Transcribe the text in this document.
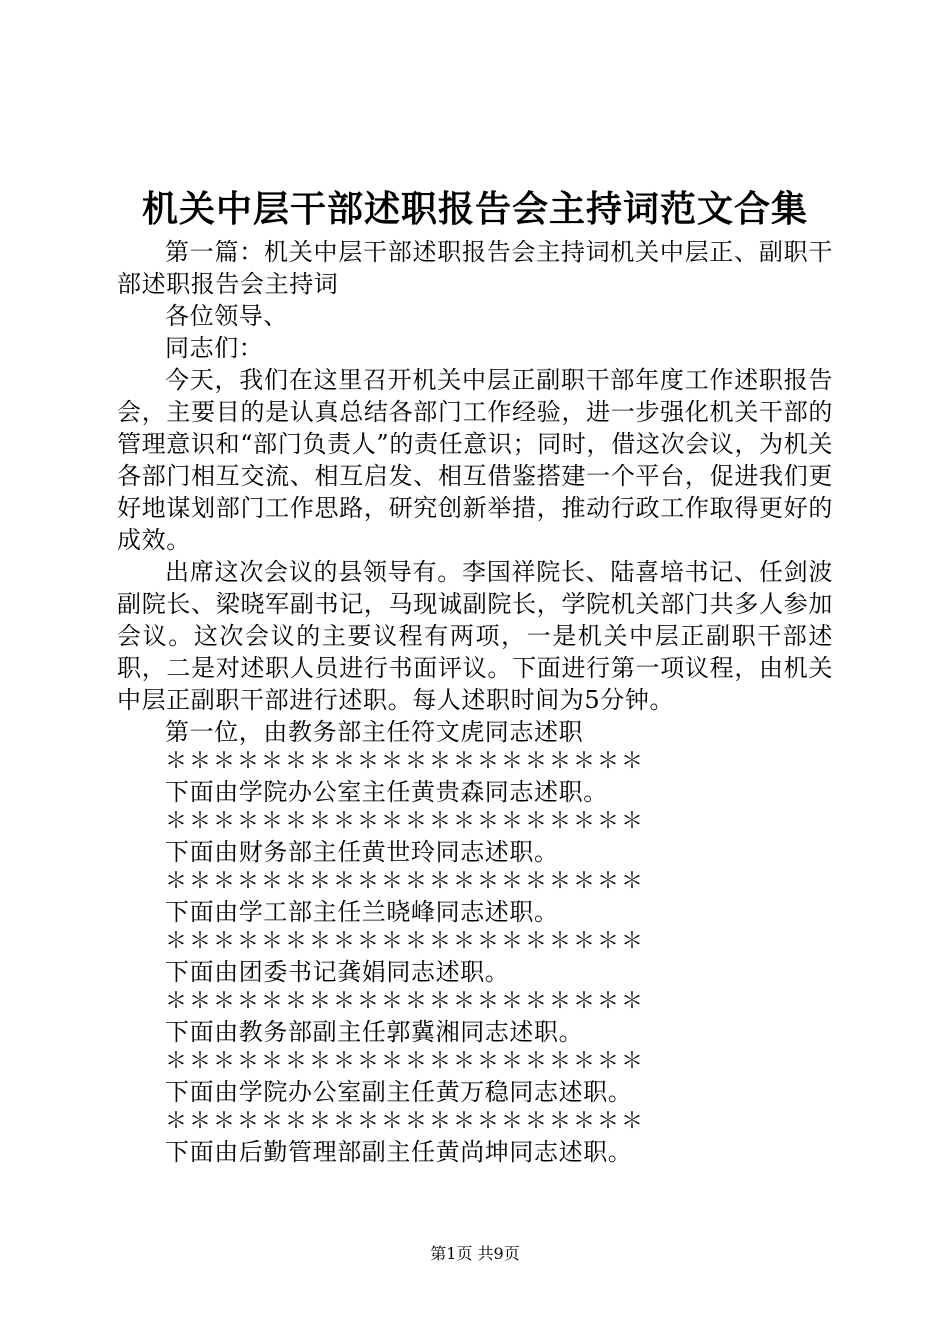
机关中层干部述职报告会主持词范文合集

第一篇：机关中层干部述职报告会主持词机关中层正、副职干部述职报告会主持词

各位领导、

同志们：

今天，我们在这里召开机关中层正副职干部年度工作述职报告会，主要目的是认真总结各部门工作经验，进一步强化机关干部的管理意识和“部门负责人”的责任意识；同时，借这次会议，为机关各部门相互交流、相互启发、相互借鉴搭建一个平台，促进我们更好地谋划部门工作思路，研究创新举措，推动行政工作取得更好的成效。

出席这次会议的县领导有。李国祥院长、陆喜培书记、任剑波副院长、梁晓军副书记，马现诚副院长，学院机关部门共多人参加会议。这次会议的主要议程有两项，一是机关中层正副职干部述职，二是对述职人员进行书面评议。下面进行第一项议程，由机关中层正副职干部进行述职。每人述职时间为5分钟。

第一位，由教务部主任符文虎同志述职
＊＊＊＊＊＊＊＊＊＊＊＊＊＊＊＊＊＊＊＊
下面由学院办公室主任黄贵森同志述职。
＊＊＊＊＊＊＊＊＊＊＊＊＊＊＊＊＊＊＊＊
下面由财务部主任黄世玲同志述职。
＊＊＊＊＊＊＊＊＊＊＊＊＊＊＊＊＊＊＊＊
下面由学工部主任兰晓峰同志述职。
＊＊＊＊＊＊＊＊＊＊＊＊＊＊＊＊＊＊＊＊
下面由团委书记龚娟同志述职。
＊＊＊＊＊＊＊＊＊＊＊＊＊＊＊＊＊＊＊＊
下面由教务部副主任郭冀湘同志述职。
＊＊＊＊＊＊＊＊＊＊＊＊＊＊＊＊＊＊＊＊
下面由学院办公室副主任黄万稳同志述职。
＊＊＊＊＊＊＊＊＊＊＊＊＊＊＊＊＊＊＊＊
下面由后勤管理部副主任黄尚坤同志述职。
第1页 共9页
